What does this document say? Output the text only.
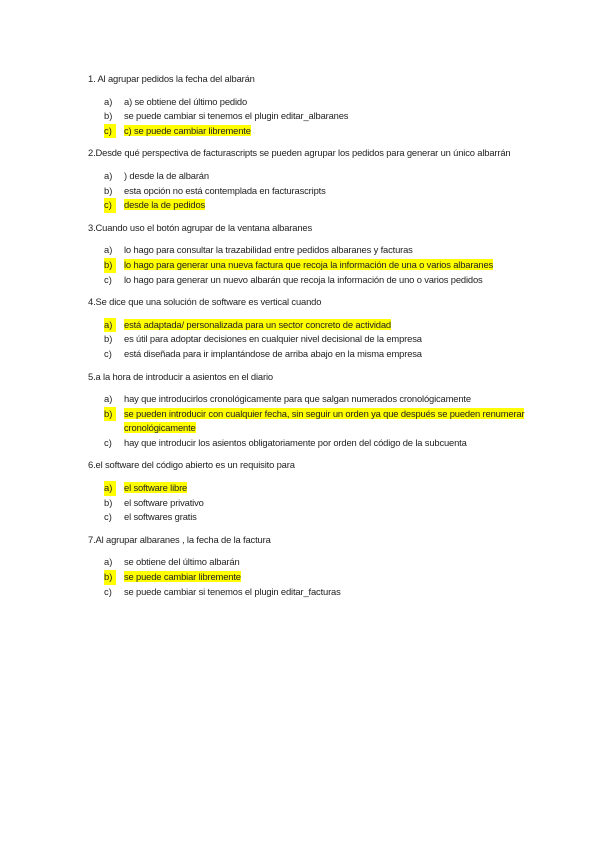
1. Al agrupar pedidos la fecha del albarán

a)	a) se obtiene del último pedido
b)	se puede cambiar si tenemos el plugin editar_albaranes
c)	c) se puede cambiar libremente

2.Desde qué perspectiva de facturascripts se pueden agrupar los pedidos para generar un único albarrán

a)	) desde la de albarán
b)	esta opción no está contemplada en facturascripts
c)	desde la de pedidos

3.Cuando uso el botón agrupar de la ventana albaranes

a)	lo hago para consultar la trazabilidad entre pedidos albaranes y facturas
b)	lo hago para generar una nueva factura que recoja la información de una o varios albaranes
c)	lo hago para generar un nuevo albarán que recoja la información de uno o varios pedidos

4.Se dice que una solución de software es vertical cuando

a)	está adaptada/ personalizada para un sector concreto de actividad
b)	es útil para adoptar decisiones en cualquier nivel decisional de la empresa
c)	está diseñada para ir implantándose de arriba abajo en la misma empresa

5.a la hora de introducir a asientos en el diario

a)	hay que introducirlos cronológicamente para que salgan numerados cronológicamente
b)	se pueden introducir con cualquier fecha, sin seguir un orden ya que después se pueden renumerar cronológicamente
c)	hay que introducir los asientos obligatoriamente por orden del código de la subcuenta

6.el software del código abierto es un requisito para

a)	el software libre
b)	el software privativo
c)	el softwares gratis

7.Al agrupar albaranes , la fecha de la factura

a)	se obtiene del último albarán
b)	se puede cambiar libremente
c)	se puede cambiar si tenemos el plugin editar_facturas
